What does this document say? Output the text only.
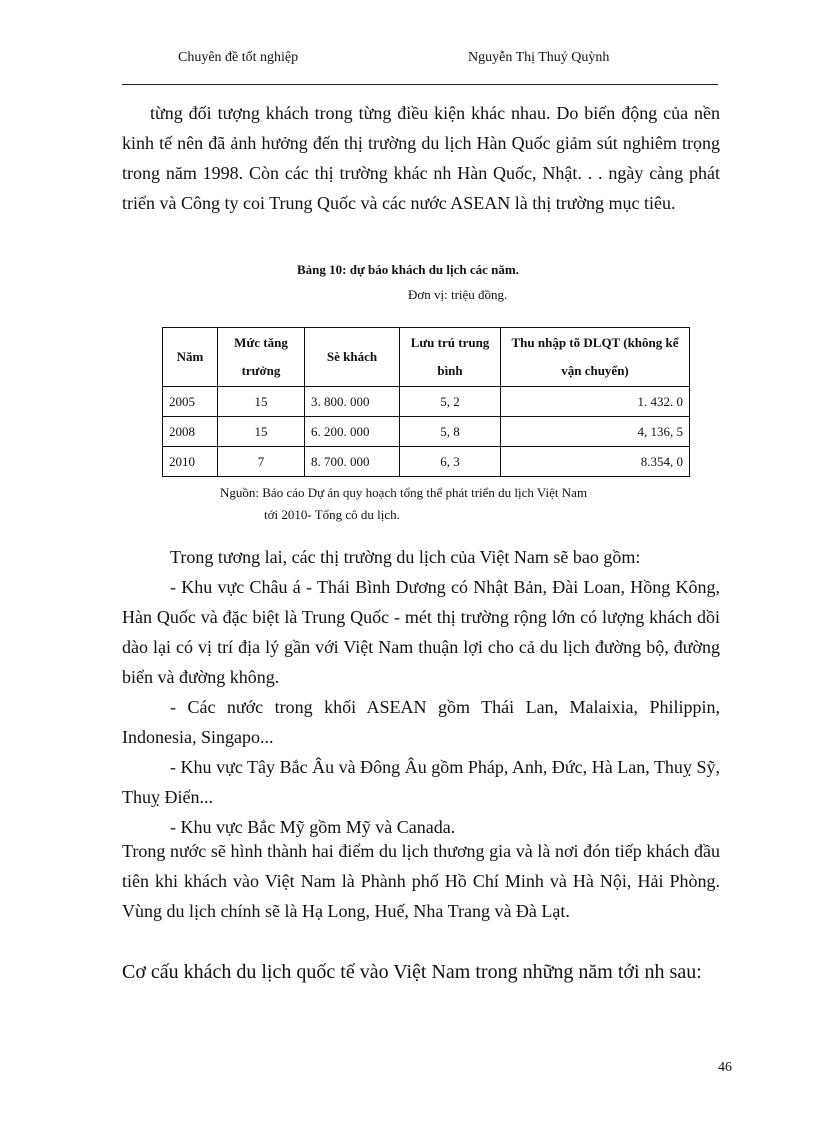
Chuyên đề tốt nghiệp	Nguyễn Thị Thuý Quỳnh

từng đối tượng khách trong từng điều kiện khác nhau. Do biến động của nền kinh tế nên đã ảnh hưởng đến thị trường du lịch Hàn Quốc giảm sút nghiêm trọng trong năm 1998. Còn các thị trường khác nh Hàn Quốc, Nhật. . . ngày càng phát triển và Công ty coi Trung Quốc và các nước ASEAN là thị trường mục tiêu.

Bảng 10: dự báo khách du lịch các năm.

Đơn vị: triệu đồng.

Năm	Mức tăng trưởng	Sè khách	Lưu trú trung bình	Thu nhập tõ DLQT (không kể vận chuyển)
2005	15	3. 800. 000	5, 2	1. 432. 0
2008	15	6. 200. 000	5, 8	4, 136, 5
2010	7	8. 700. 000	6, 3	8.354, 0

Nguồn: Báo cáo Dự án quy hoạch tổng thể phát triển du lịch Việt Nam
tới 2010- Tổng cô du lịch.

Trong tương lai, các thị trường du lịch của Việt Nam sẽ bao gồm:
- Khu vực Châu á - Thái Bình Dương có Nhật Bản, Đài Loan, Hồng Kông, Hàn Quốc và đặc biệt là Trung Quốc - mét thị trường rộng lớn có lượng khách dồi dào lại có vị trí địa lý gần với Việt Nam thuận lợi cho cả du lịch đường bộ, đường biển và đường không.
- Các nước trong khối ASEAN gồm Thái Lan, Malaixia, Philippin, Indonesia, Singapo...
- Khu vực Tây Bắc Âu và Đông Âu gồm Pháp, Anh, Đức, Hà Lan, Thuỵ Sỹ, Thuỵ Điển...
- Khu vực Bắc Mỹ gồm Mỹ và Canada.

Trong nước sẽ hình thành hai điểm du lịch thương gia và là nơi đón tiếp khách đầu tiên khi khách vào Việt Nam là Phành phố Hồ Chí Minh và Hà Nội, Hải Phòng. Vùng du lịch chính sẽ là Hạ Long, Huế, Nha Trang và Đà Lạt.

Cơ cấu khách du lịch quốc tế vào Việt Nam trong những năm tới nh sau:

46
